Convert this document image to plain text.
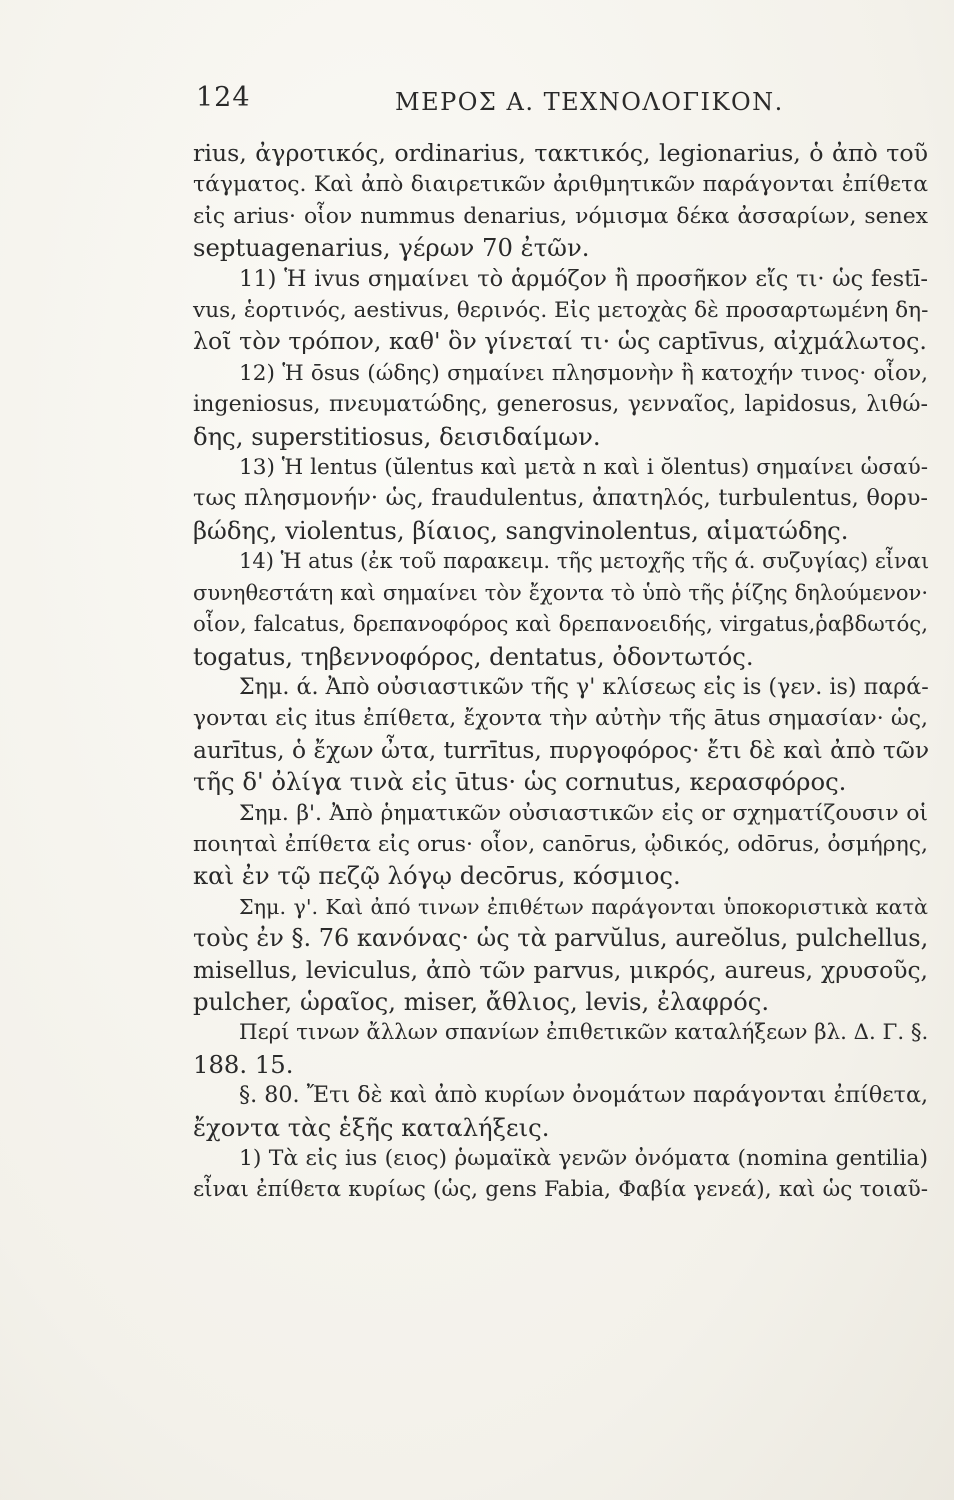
124	ΜΕΡΟΣ Α. ΤΕΧΝΟΛΟΓΙΚΟΝ.
rius, ἀγροτικός, ordinarius, τακτικός, legionarius, ὁ ἀπὸ τοῦ
τάγματος. Καὶ ἀπὸ διαιρετικῶν ἀριθμητικῶν παράγονται ἐπίθετα
εἰς arius· οἷον nummus denarius, νόμισμα δέκα ἀσσαρίων, senex
septuagenarius, γέρων 70 ἐτῶν.
11) Ἡ ivus σημαίνει τὸ ἁρμόζον ἢ προσῆκον εἴς τι· ὡς festī-
vus, ἑορτινός, aestivus, θερινός. Εἰς μετοχὰς δὲ προσαρτωμένη δη-
λοῖ τὸν τρόπον, καθ' ὃν γίνεταί τι· ὡς captīvus, αἰχμάλωτος.
12) Ἡ ōsus (ώδης) σημαίνει πλησμονὴν ἢ κατοχήν τινος· οἷον,
ingeniosus, πνευματώδης, generosus, γενναῖος, lapidosus, λιθώ-
δης, superstitiosus, δεισιδαίμων.
13) Ἡ lentus (ŭlentus καὶ μετὰ n καὶ i ŏlentus) σημαίνει ὡσαύ-
τως πλησμονήν· ὡς, fraudulentus, ἀπατηλός, turbulentus, θορυ-
βώδης, violentus, βίαιος, sangvinolentus, αἱματώδης.
14) Ἡ atus (ἐκ τοῦ παρακειμ. τῆς μετοχῆς τῆς ά. συζυγίας) εἶναι
συνηθεστάτη καὶ σημαίνει τὸν ἔχοντα τὸ ὑπὸ τῆς ῥίζης δηλούμενον·
οἷον, falcatus, δρεπανοφόρος καὶ δρεπανοειδής, virgatus,ῥαβδωτός,
togatus, τηβεννοφόρος, dentatus, ὀδοντωτός.
Σημ. ά. Ἀπὸ οὐσιαστικῶν τῆς γ' κλίσεως εἰς is (γεν. is) παρά-
γονται εἰς itus ἐπίθετα, ἔχοντα τὴν αὐτὴν τῆς ātus σημασίαν· ὡς,
aurītus, ὁ ἔχων ὦτα, turrītus, πυργοφόρος· ἔτι δὲ καὶ ἀπὸ τῶν
τῆς δ' ὀλίγα τινὰ εἰς ūtus· ὡς cornutus, κερασφόρος.
Σημ. β'. Ἀπὸ ῥηματικῶν οὐσιαστικῶν εἰς or σχηματίζουσιν οἱ
ποιηταὶ ἐπίθετα εἰς orus· οἷον, canōrus, ᾠδικός, odōrus, ὀσμήρης,
καὶ ἐν τῷ πεζῷ λόγῳ decōrus, κόσμιος.
Σημ. γ'. Καὶ ἀπό τινων ἐπιθέτων παράγονται ὑποκοριστικὰ κατὰ
τοὺς ἐν §. 76 κανόνας· ὡς τὰ parvŭlus, aureŏlus, pulchellus,
misellus, leviculus, ἀπὸ τῶν parvus, μικρός, aureus, χρυσοῦς,
pulcher, ὡραῖος, miser, ἄθλιος, levis, ἐλαφρός.
Περί τινων ἄλλων σπανίων ἐπιθετικῶν καταλήξεων βλ. Δ. Γ. §.
188. 15.
§. 80. Ἔτι δὲ καὶ ἀπὸ κυρίων ὀνομάτων παράγονται ἐπίθετα,
ἔχοντα τὰς ἑξῆς καταλήξεις.
1) Τὰ εἰς ius (ειος) ῥωμαϊκὰ γενῶν ὀνόματα (nomina gentilia)
εἶναι ἐπίθετα κυρίως (ὡς, gens Fabia, Φαβία γενεά), καὶ ὡς τοιαῦ-
